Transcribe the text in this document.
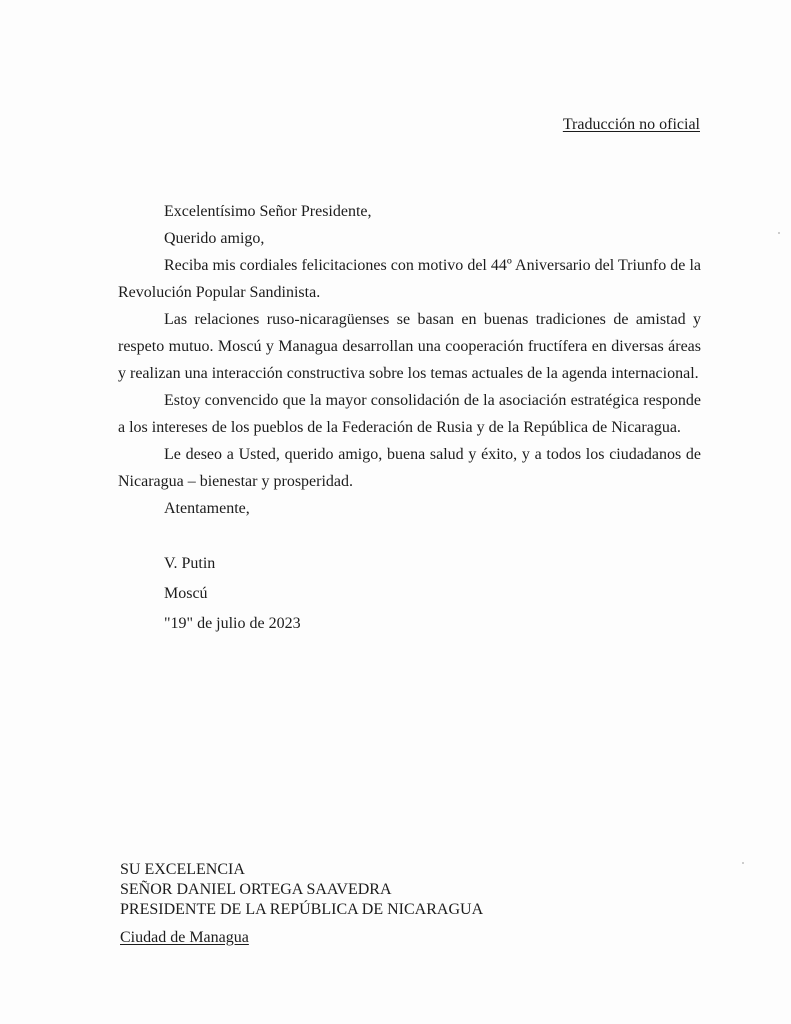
Traducción no oficial

Excelentísimo Señor Presidente,

Querido amigo,

Reciba mis cordiales felicitaciones con motivo del 44º Aniversario del Triunfo de la Revolución Popular Sandinista.

Las relaciones ruso-nicaragüenses se basan en buenas tradiciones de amistad y respeto mutuo. Moscú y Managua desarrollan una cooperación fructífera en diversas áreas y realizan una interacción constructiva sobre los temas actuales de la agenda internacional.

Estoy convencido que la mayor consolidación de la asociación estratégica responde a los intereses de los pueblos de la Federación de Rusia y de la República de Nicaragua.

Le deseo a Usted, querido amigo, buena salud y éxito, y a todos los ciudadanos de Nicaragua – bienestar y prosperidad.

Atentamente,

V. Putin
Moscú
"19" de julio de 2023
SU EXCELENCIA
SEÑOR DANIEL ORTEGA SAAVEDRA
PRESIDENTE DE LA REPÚBLICA DE NICARAGUA
Ciudad de Managua
